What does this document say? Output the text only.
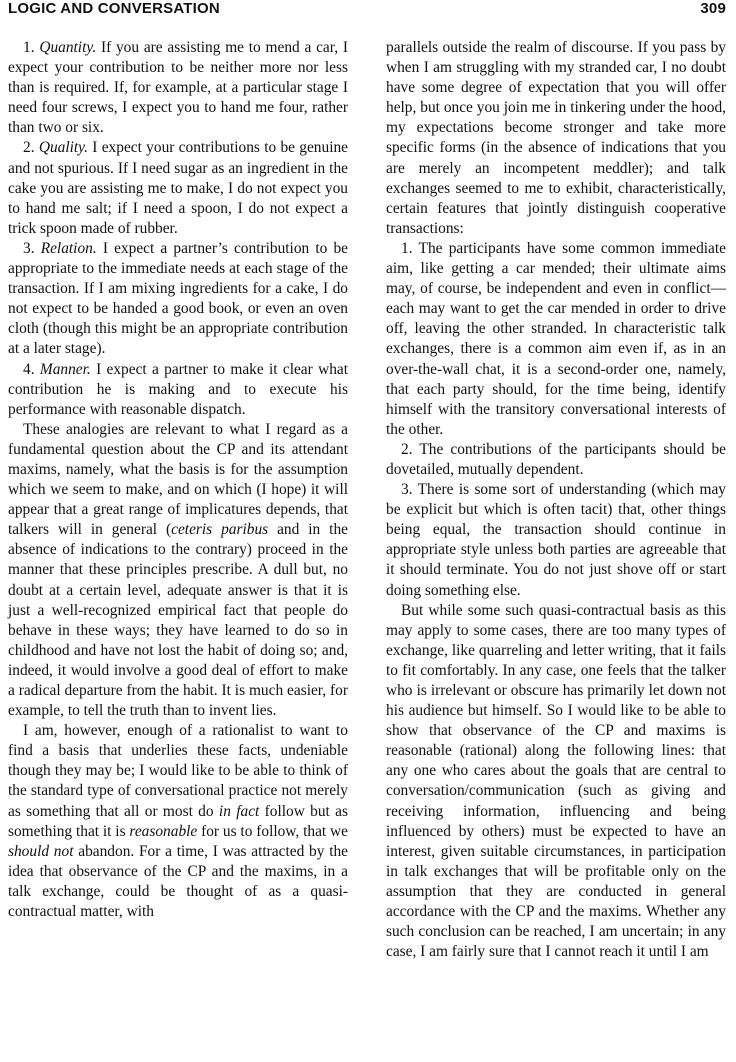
LOGIC AND CONVERSATION	309

1. Quantity. If you are assisting me to mend a car, I expect your contribution to be neither more nor less than is required. If, for example, at a particular stage I need four screws, I expect you to hand me four, rather than two or six.

2. Quality. I expect your contributions to be genuine and not spurious. If I need sugar as an ingredient in the cake you are assisting me to make, I do not expect you to hand me salt; if I need a spoon, I do not expect a trick spoon made of rubber.

3. Relation. I expect a partner’s contribution to be appropriate to the immediate needs at each stage of the transaction. If I am mixing ingredients for a cake, I do not expect to be handed a good book, or even an oven cloth (though this might be an appropriate contribution at a later stage).

4. Manner. I expect a partner to make it clear what contribution he is making and to execute his performance with reasonable dispatch.

These analogies are relevant to what I regard as a fundamental question about the CP and its attendant maxims, namely, what the basis is for the assumption which we seem to make, and on which (I hope) it will appear that a great range of implicatures depends, that talkers will in general (ceteris paribus and in the absence of indications to the contrary) proceed in the manner that these principles prescribe. A dull but, no doubt at a certain level, adequate answer is that it is just a well-recognized empirical fact that people do behave in these ways; they have learned to do so in childhood and have not lost the habit of doing so; and, indeed, it would involve a good deal of effort to make a radical departure from the habit. It is much easier, for example, to tell the truth than to invent lies.

I am, however, enough of a rationalist to want to find a basis that underlies these facts, undeniable though they may be; I would like to be able to think of the standard type of conversational practice not merely as something that all or most do in fact follow but as something that it is reasonable for us to follow, that we should not abandon. For a time, I was attracted by the idea that observance of the CP and the maxims, in a talk exchange, could be thought of as a quasi-contractual matter, with

parallels outside the realm of discourse. If you pass by when I am struggling with my stranded car, I no doubt have some degree of expectation that you will offer help, but once you join me in tinkering under the hood, my expectations become stronger and take more specific forms (in the absence of indications that you are merely an incompetent meddler); and talk exchanges seemed to me to exhibit, characteristically, certain features that jointly distinguish cooperative transactions:

1. The participants have some common immediate aim, like getting a car mended; their ultimate aims may, of course, be independent and even in conflict—each may want to get the car mended in order to drive off, leaving the other stranded. In characteristic talk exchanges, there is a common aim even if, as in an over-the-wall chat, it is a second-order one, namely, that each party should, for the time being, identify himself with the transitory conversational interests of the other.

2. The contributions of the participants should be dovetailed, mutually dependent.

3. There is some sort of understanding (which may be explicit but which is often tacit) that, other things being equal, the transaction should continue in appropriate style unless both parties are agreeable that it should terminate. You do not just shove off or start doing something else.

But while some such quasi-contractual basis as this may apply to some cases, there are too many types of exchange, like quarreling and letter writing, that it fails to fit comfortably. In any case, one feels that the talker who is irrelevant or obscure has primarily let down not his audience but himself. So I would like to be able to show that observance of the CP and maxims is reasonable (rational) along the following lines: that any one who cares about the goals that are central to conversation/communication (such as giving and receiving information, influencing and being influenced by others) must be expected to have an interest, given suitable circumstances, in participation in talk exchanges that will be profitable only on the assumption that they are conducted in general accordance with the CP and the maxims. Whether any such conclusion can be reached, I am uncertain; in any case, I am fairly sure that I cannot reach it until I am
